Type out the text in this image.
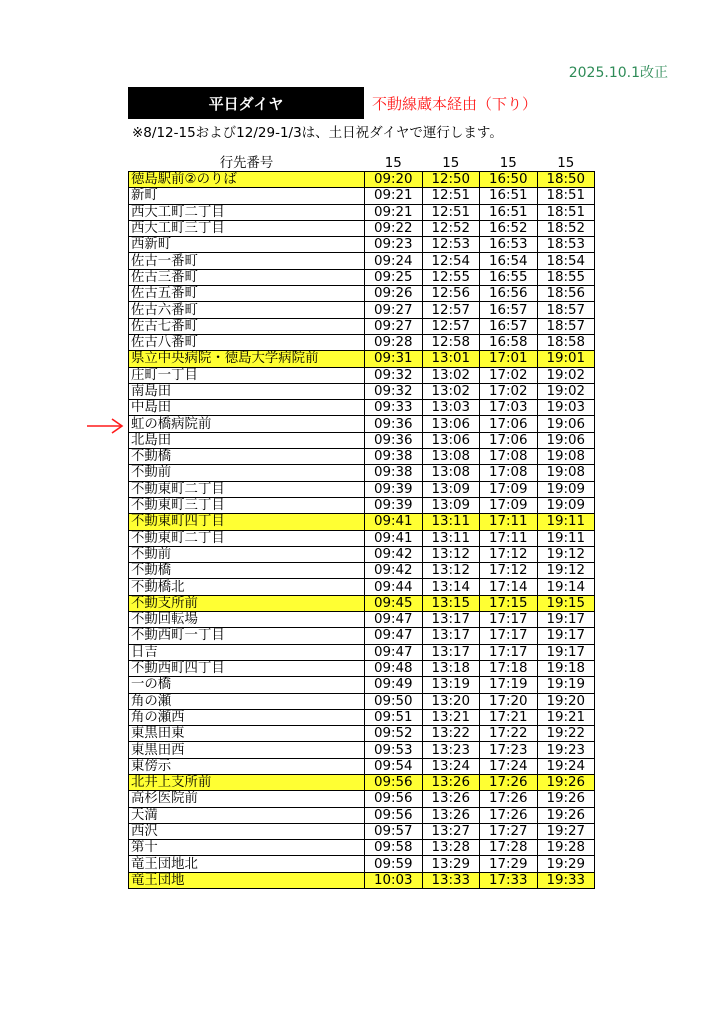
2025.10.1改正
平日ダイヤ	不動線蔵本経由（下り）
※8/12-15および12/29-1/3は、土日祝ダイヤで運行します。
行先番号	15	15	15	15
徳島駅前②のりば	09:20	12:50	16:50	18:50
新町	09:21	12:51	16:51	18:51
西大工町二丁目	09:21	12:51	16:51	18:51
西大工町三丁目	09:22	12:52	16:52	18:52
西新町	09:23	12:53	16:53	18:53
佐古一番町	09:24	12:54	16:54	18:54
佐古三番町	09:25	12:55	16:55	18:55
佐古五番町	09:26	12:56	16:56	18:56
佐古六番町	09:27	12:57	16:57	18:57
佐古七番町	09:27	12:57	16:57	18:57
佐古八番町	09:28	12:58	16:58	18:58
県立中央病院・徳島大学病院前	09:31	13:01	17:01	19:01
庄町一丁目	09:32	13:02	17:02	19:02
南島田	09:32	13:02	17:02	19:02
中島田	09:33	13:03	17:03	19:03
虹の橋病院前	09:36	13:06	17:06	19:06
北島田	09:36	13:06	17:06	19:06
不動橋	09:38	13:08	17:08	19:08
不動前	09:38	13:08	17:08	19:08
不動東町二丁目	09:39	13:09	17:09	19:09
不動東町三丁目	09:39	13:09	17:09	19:09
不動東町四丁目	09:41	13:11	17:11	19:11
不動東町二丁目	09:41	13:11	17:11	19:11
不動前	09:42	13:12	17:12	19:12
不動橋	09:42	13:12	17:12	19:12
不動橋北	09:44	13:14	17:14	19:14
不動支所前	09:45	13:15	17:15	19:15
不動回転場	09:47	13:17	17:17	19:17
不動西町一丁目	09:47	13:17	17:17	19:17
日吉	09:47	13:17	17:17	19:17
不動西町四丁目	09:48	13:18	17:18	19:18
一の橋	09:49	13:19	17:19	19:19
角の瀬	09:50	13:20	17:20	19:20
角の瀬西	09:51	13:21	17:21	19:21
東黒田東	09:52	13:22	17:22	19:22
東黒田西	09:53	13:23	17:23	19:23
東傍示	09:54	13:24	17:24	19:24
北井上支所前	09:56	13:26	17:26	19:26
高杉医院前	09:56	13:26	17:26	19:26
天満	09:56	13:26	17:26	19:26
西沢	09:57	13:27	17:27	19:27
第十	09:58	13:28	17:28	19:28
竜王団地北	09:59	13:29	17:29	19:29
竜王団地	10:03	13:33	17:33	19:33
